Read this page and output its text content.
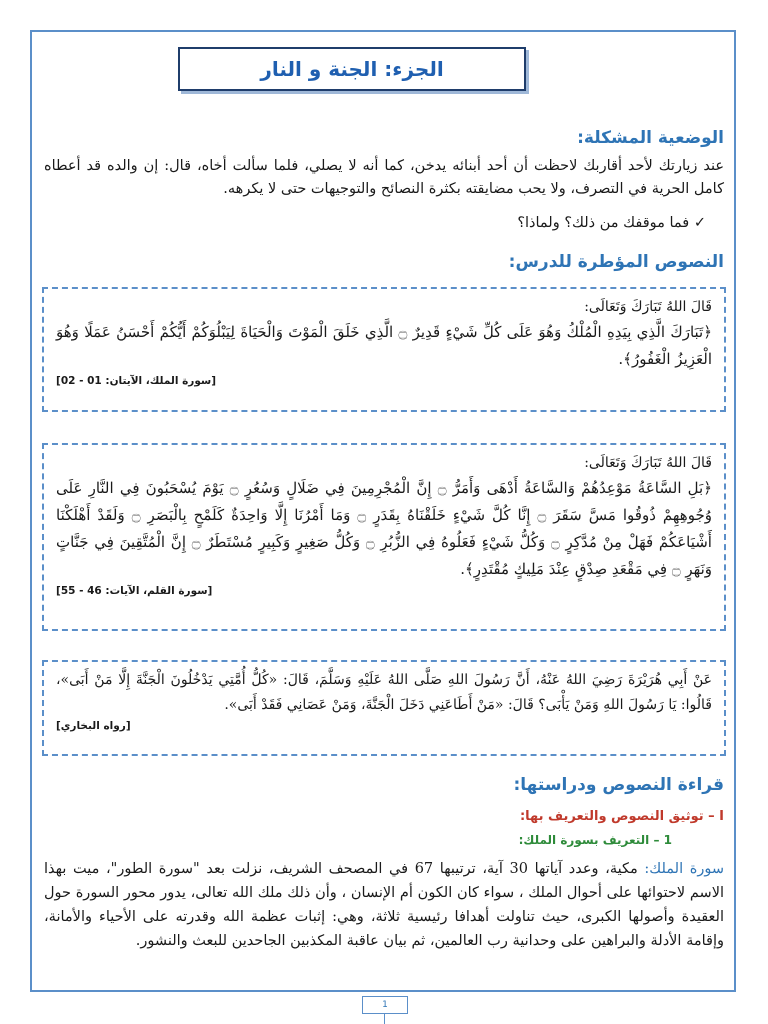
الجزء: الجنة و النار
الوضعية المشكلة:
عند زيارتك لأحد أقاربك لاحظت أن أحد أبنائه يدخن، كما أنه لا يصلي، فلما سألت أخاه، قال: إن والده قد أعطاه كامل الحرية في التصرف، ولا يحب مضايقته بكثرة النصائح والتوجيهات حتى لا يكرهه.
✓ فما موقفك من ذلك؟ ولماذا؟
النصوص المؤطرة للدرس:
قَالَ اللهُ تَبَارَكَ وَتَعَالَى:
﴿تَبَارَكَ الَّذِي بِيَدِهِ الْمُلْكُ وَهُوَ عَلَى كُلِّ شَيْءٍ قَدِيرٌ ۝ الَّذِي خَلَقَ الْمَوْتَ وَالْحَيَاةَ لِيَبْلُوَكُمْ أَيُّكُمْ أَحْسَنُ عَمَلًا وَهُوَ الْعَزِيزُ الْغَفُورُ﴾.
[سورة الملك، الآيتان: 01 - 02]
قَالَ اللهُ تَبَارَكَ وَتَعَالَى:
﴿بَلِ السَّاعَةُ مَوْعِدُهُمْ وَالسَّاعَةُ أَدْهَى وَأَمَرُّ ۝ إِنَّ الْمُجْرِمِينَ فِي ضَلَالٍ وَسُعُرٍ ۝ يَوْمَ يُسْحَبُونَ فِي النَّارِ عَلَى وُجُوهِهِمْ ذُوقُوا مَسَّ سَقَرَ ۝ إِنَّا كُلَّ شَيْءٍ خَلَقْنَاهُ بِقَدَرٍ ۝ وَمَا أَمْرُنَا إِلَّا وَاحِدَةٌ كَلَمْحٍ بِالْبَصَرِ ۝ وَلَقَدْ أَهْلَكْنَا أَشْيَاعَكُمْ فَهَلْ مِنْ مُدَّكِرٍ ۝ وَكُلُّ شَيْءٍ فَعَلُوهُ فِي الزُّبُرِ ۝ وَكُلُّ صَغِيرٍ وَكَبِيرٍ مُسْتَطَرٌ ۝ إِنَّ الْمُتَّقِينَ فِي جَنَّاتٍ وَنَهَرٍ ۝ فِي مَقْعَدِ صِدْقٍ عِنْدَ مَلِيكٍ مُقْتَدِرٍ﴾.
[سورة القلم، الآيات: 46 - 55]
عَنْ أَبِي هُرَيْرَةَ رَضِيَ اللهُ عَنْهُ، أَنَّ رَسُولَ اللهِ صَلَّى اللهُ عَلَيْهِ وَسَلَّمَ، قَالَ: «كُلُّ أُمَّتِي يَدْخُلُونَ الْجَنَّةَ إِلَّا مَنْ أَبَى»، قَالُوا: يَا رَسُولَ اللهِ وَمَنْ يَأْبَى؟ قَالَ: «مَنْ أَطَاعَنِي دَخَلَ الْجَنَّةَ، وَمَنْ عَصَانِي فَقَدْ أَبَى».
[رواه البخاري]
قراءة النصوص ودراستها:
I – توثيق النصوص والتعريف بها:
1 – التعريف بسورة الملك:
سورة الملك: مكية، وعدد آياتها 30 آية، ترتيبها 67 في المصحف الشريف، نزلت بعد "سورة الطور"، ميت بهذا الاسم لاحتوائها على أحوال الملك ، سواء كان الكون أم الإنسان ، وأن ذلك ملك الله تعالى، يدور محور السورة حول العقيدة وأصولها الكبرى، حيث تناولت أهدافا رئيسية ثلاثة، وهي: إثبات عظمة الله وقدرته على الأحياء والأمانة، وإقامة الأدلة والبراهين على وحدانية رب العالمين، ثم بيان عاقبة المكذبين الجاحدين للبعث والنشور.
1
